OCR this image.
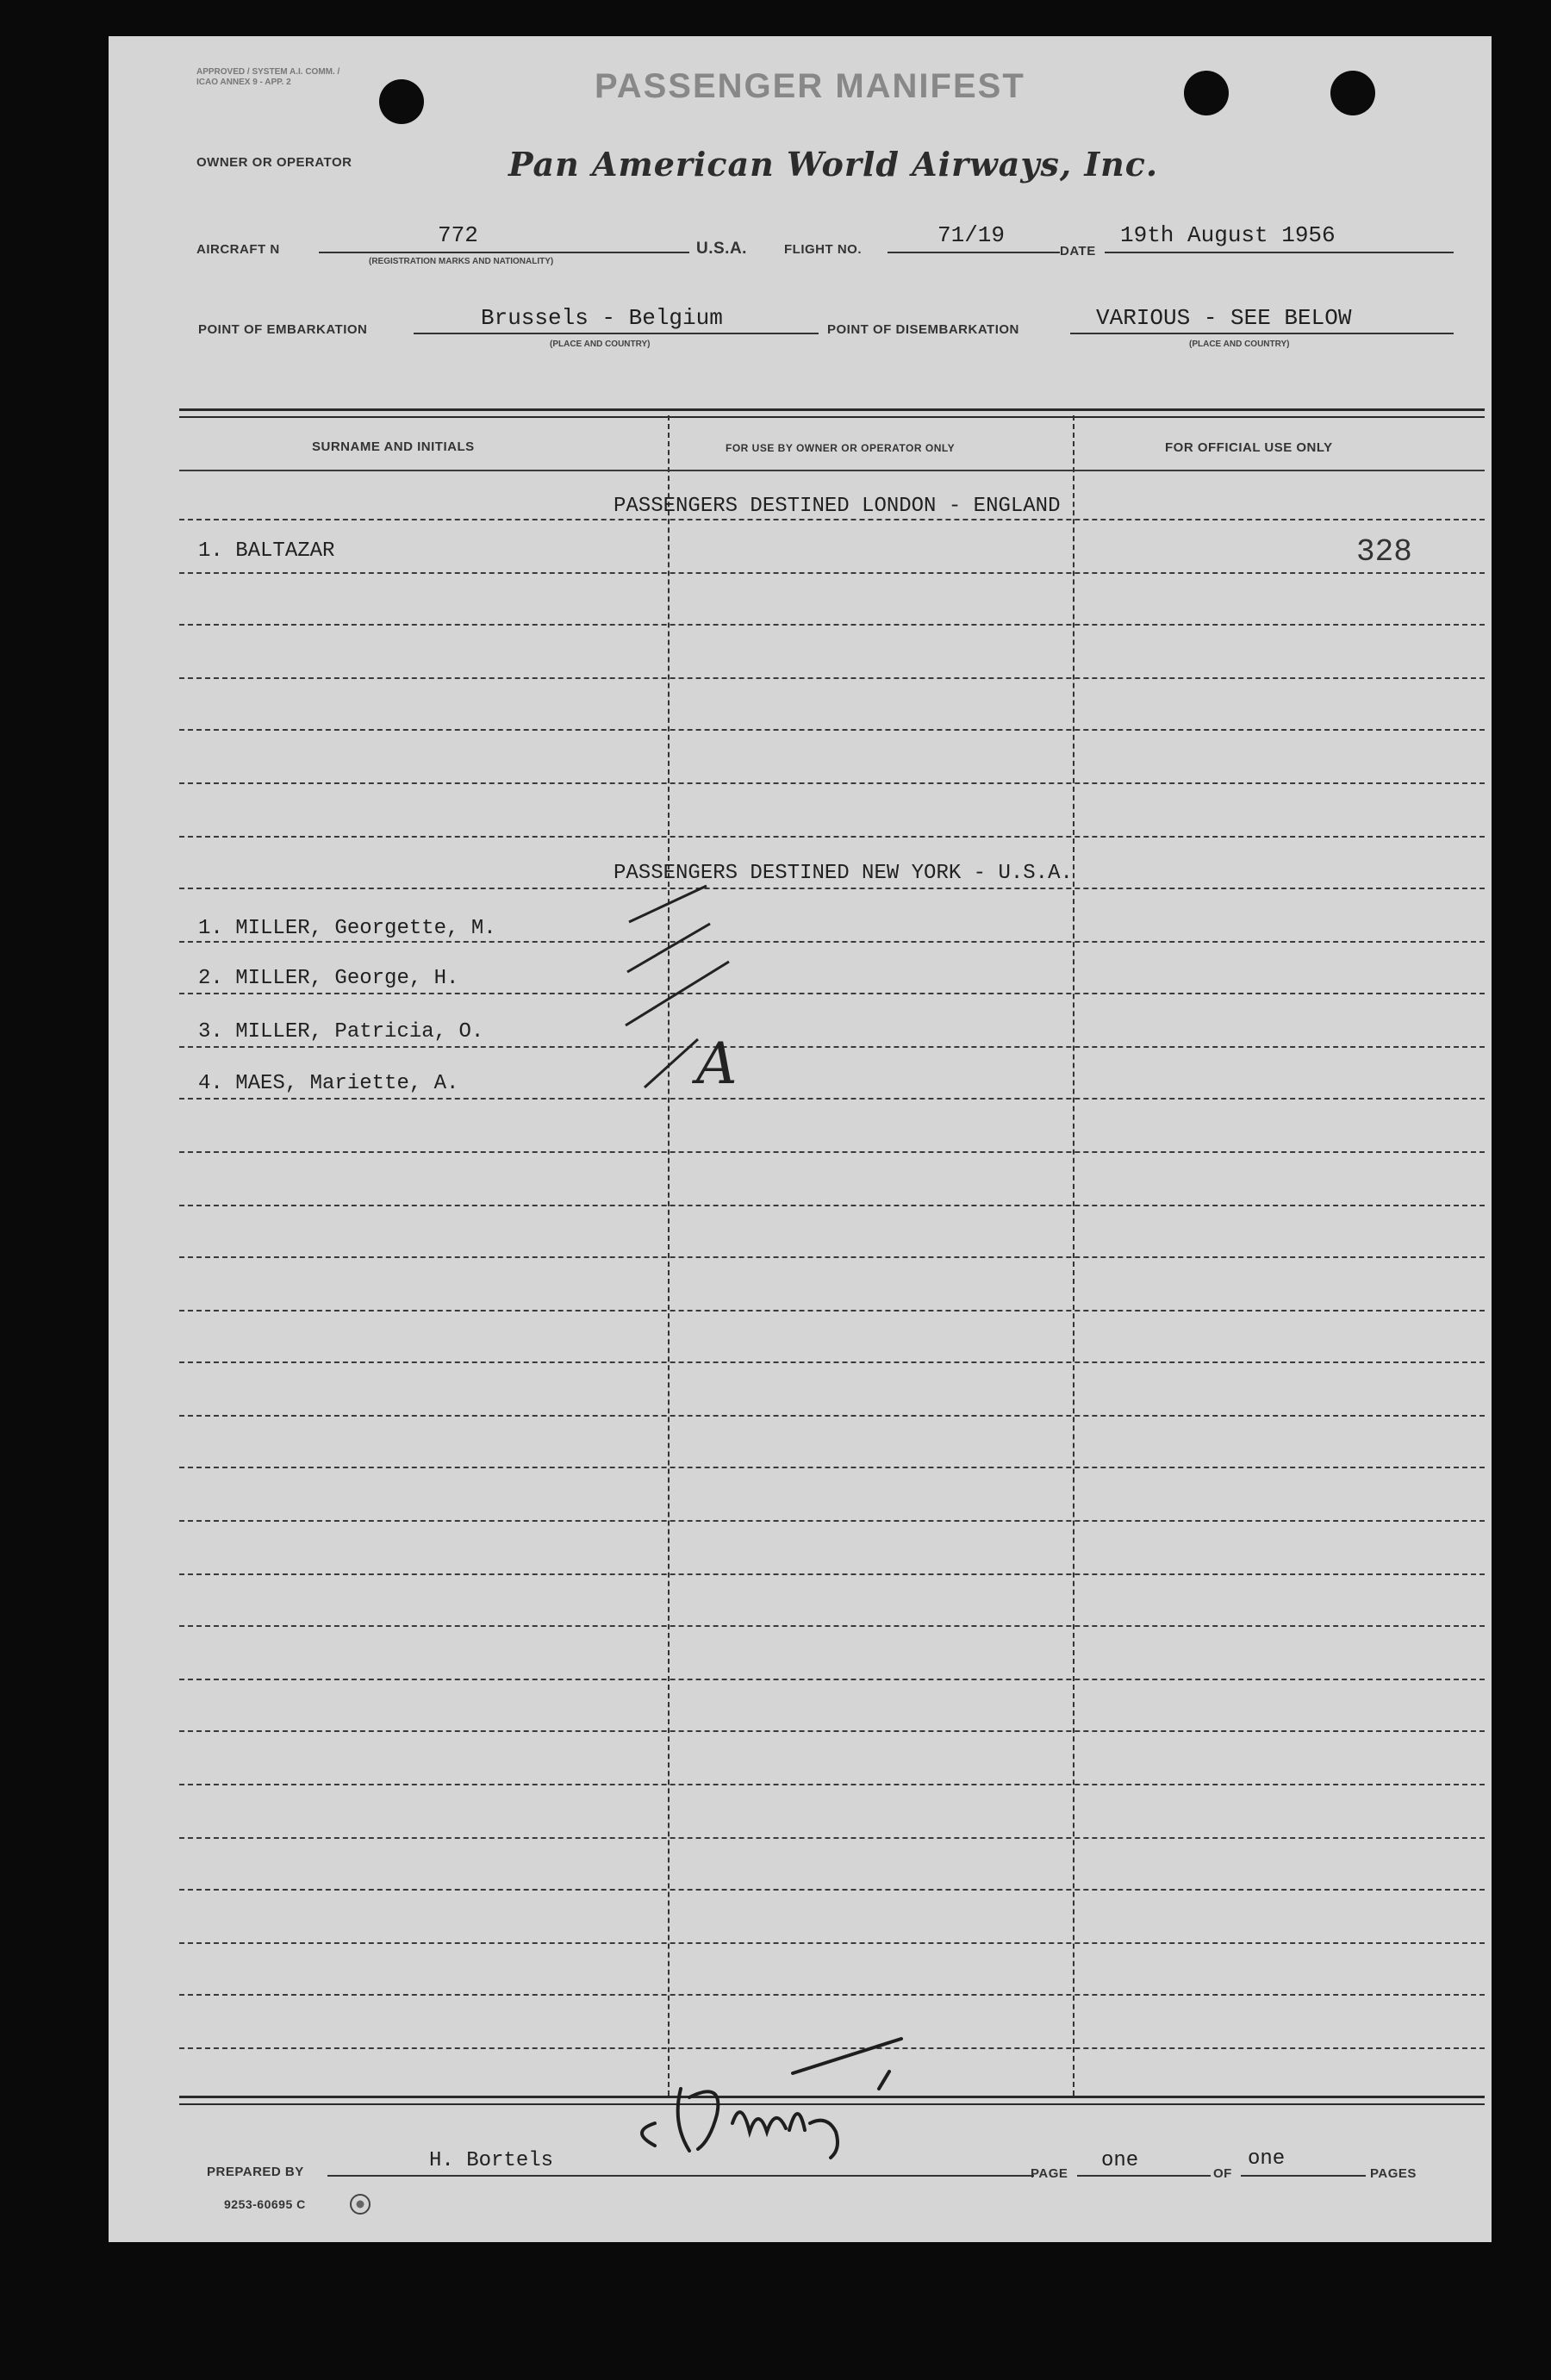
APPROVED / SYSTEM A.I. COMM. / ICAO ANNEX 9 - APP. 2	PASSENGER MANIFEST
OWNER OR OPERATOR	Pan American World Airways, Inc.
AIRCRAFT N
772
(REGISTRATION MARKS AND NATIONALITY)
U.S.A.	FLIGHT NO.
71/19
DATE
19th August 1956
POINT OF EMBARKATION	Brussels - Belgium
(PLACE AND COUNTRY)
POINT OF DISEMBARKATION	VARIOUS - SEE BELOW
(PLACE AND COUNTRY)
SURNAME AND INITIALS	FOR USE BY OWNER OR OPERATOR ONLY	FOR OFFICIAL USE ONLY
PASSENGERS DESTINED LONDON - ENGLAND
1. BALTAZAR	328
PASSENGERS DESTINED NEW YORK - U.S.A.
1. MILLER, Georgette, M.
2. MILLER, George, H.
3. MILLER, Patricia, O.
4. MAES, Mariette, A.	A
PREPARED BY	H. Bortels
PAGE
one
OF
one
PAGES
9253-60695 C
